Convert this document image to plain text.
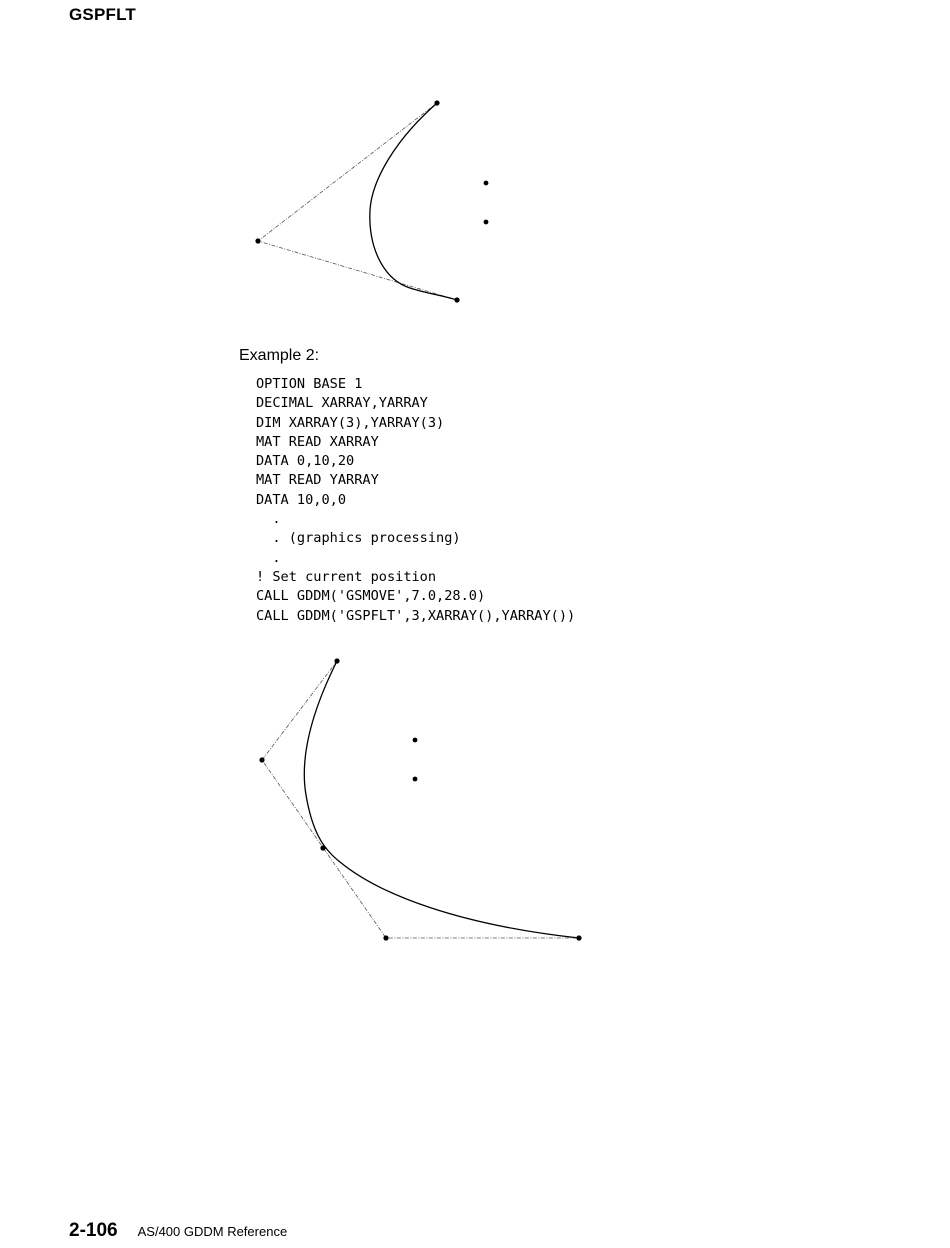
GSPFLT
Example 2:
OPTION BASE 1
DECIMAL XARRAY,YARRAY
DIM XARRAY(3),YARRAY(3)
MAT READ XARRAY
DATA 0,10,20
MAT READ YARRAY
DATA 10,0,0
.
. (graphics processing)
.
! Set current position
CALL GDDM('GSMOVE',7.0,28.0)
CALL GDDM('GSPFLT',3,XARRAY(),YARRAY())
2-106 AS/400 GDDM Reference
